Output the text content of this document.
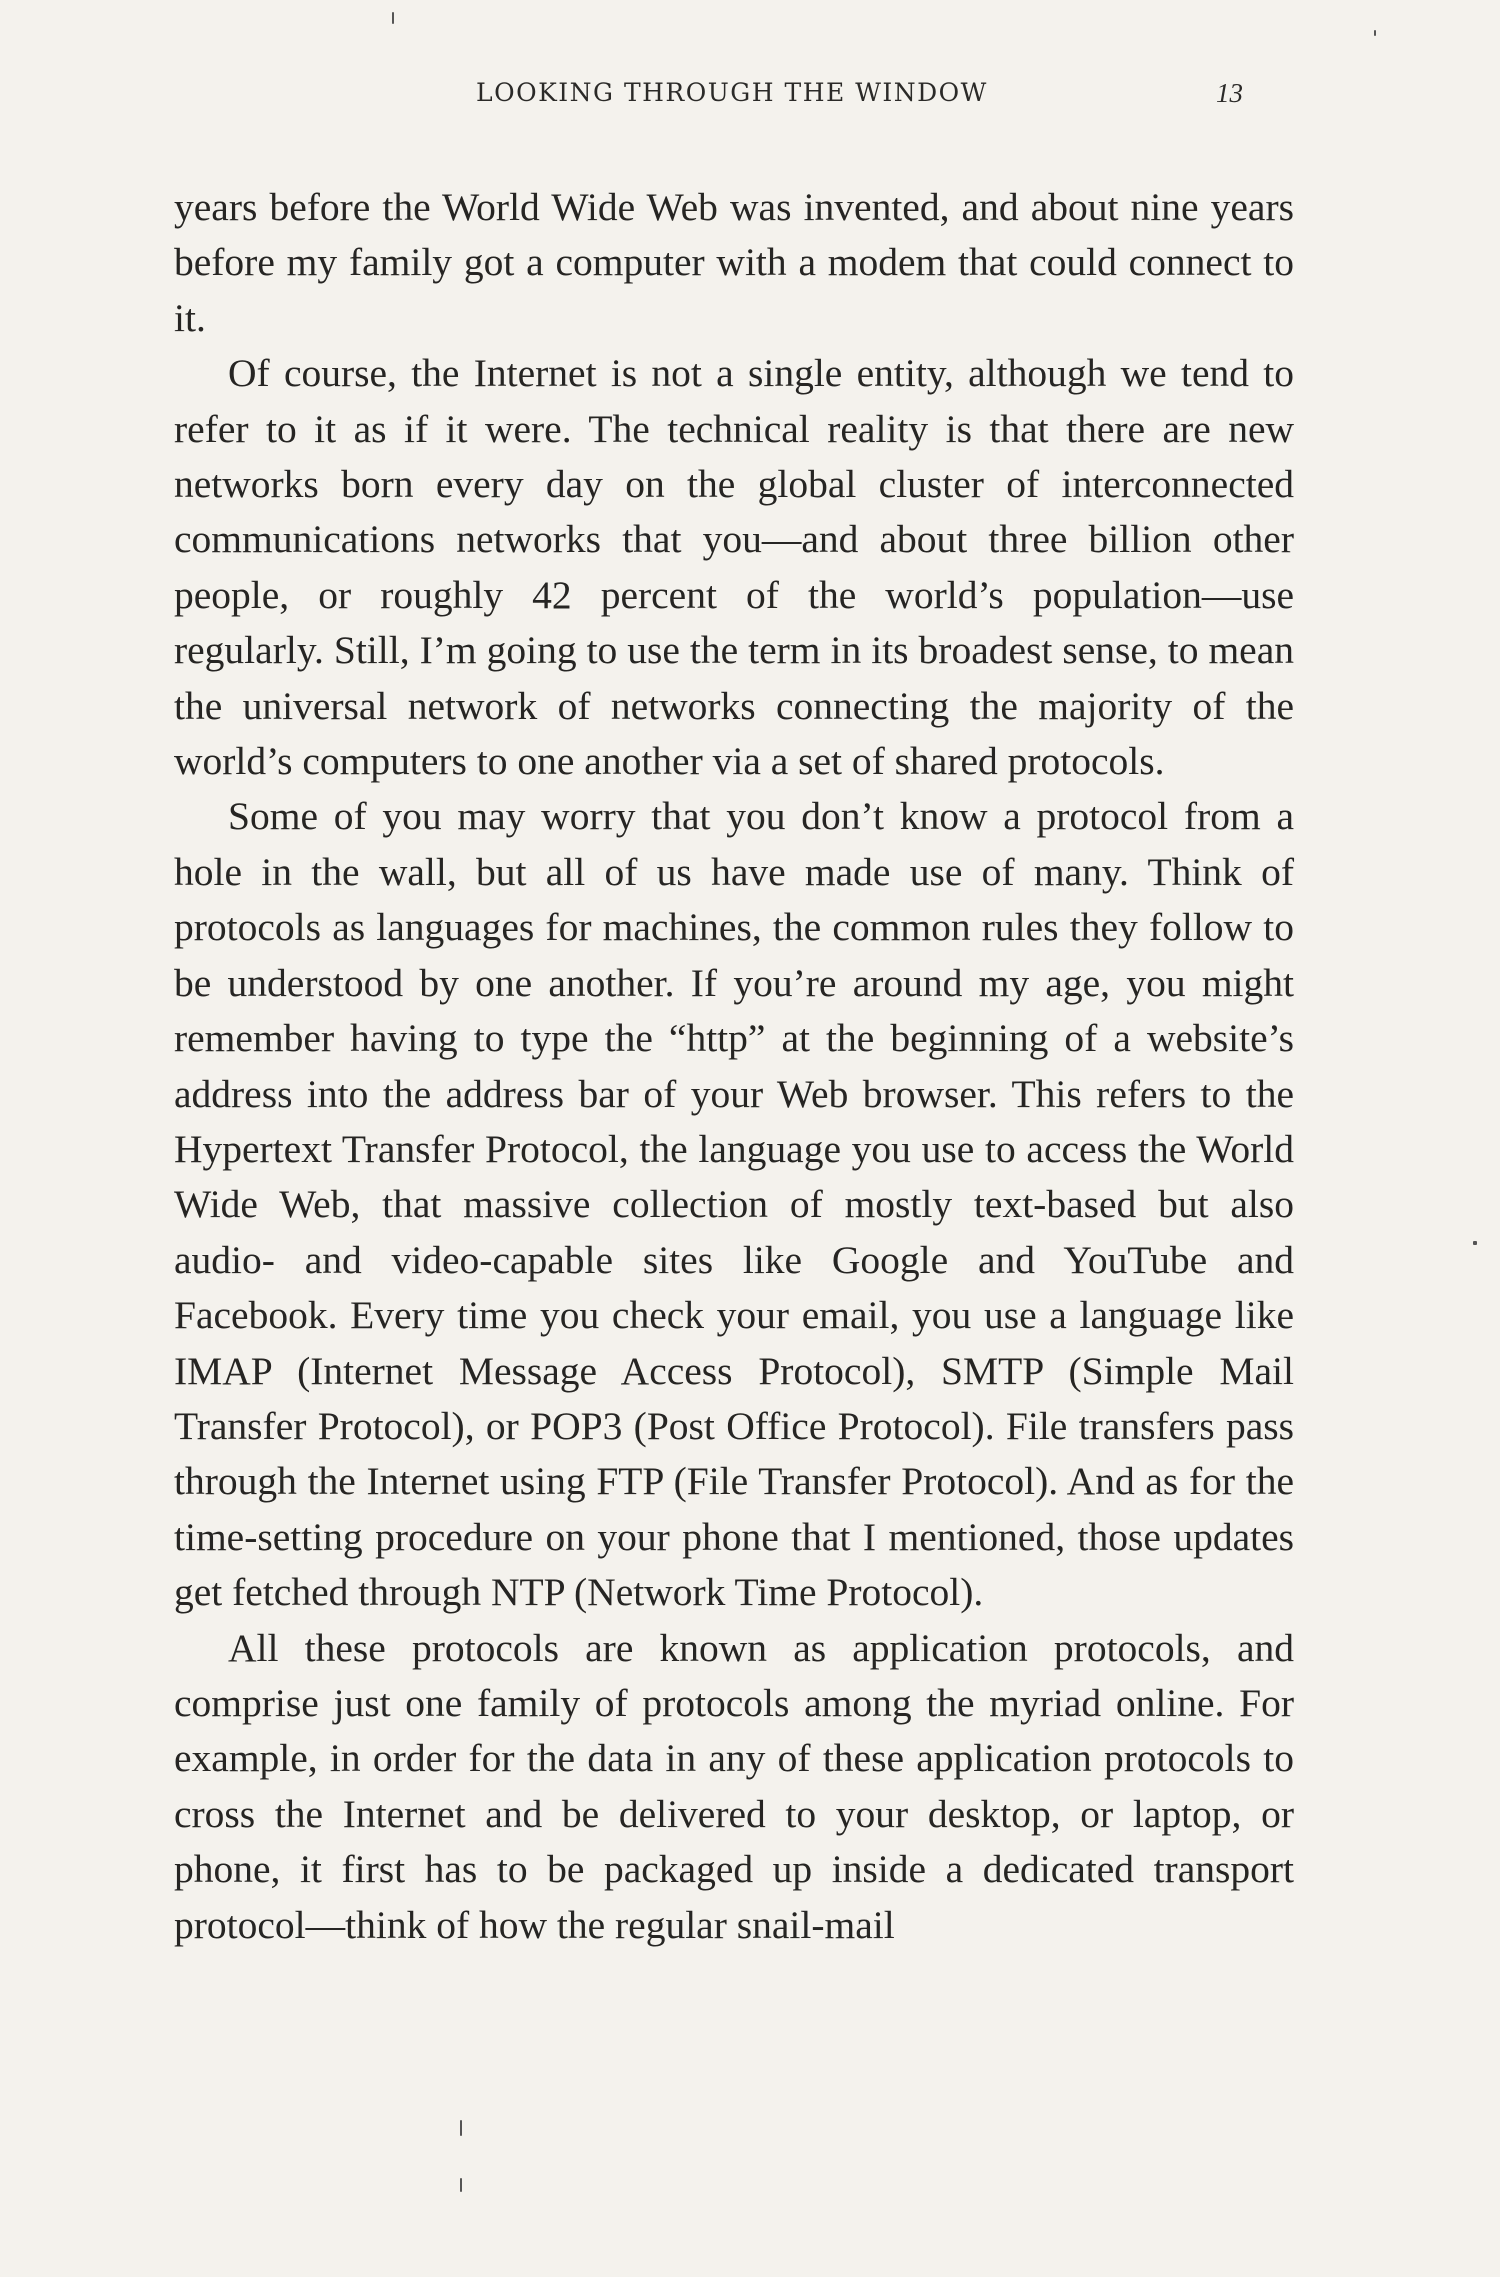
LOOKING THROUGH THE WINDOW	13

years before the World Wide Web was invented, and about nine years before my family got a computer with a modem that could connect to it.

Of course, the Internet is not a single entity, although we tend to refer to it as if it were. The technical reality is that there are new networks born every day on the global cluster of interconnected communications networks that you—and about three billion other people, or roughly 42 percent of the world’s population—use regularly. Still, I’m going to use the term in its broadest sense, to mean the universal network of networks connecting the majority of the world’s computers to one another via a set of shared protocols.

Some of you may worry that you don’t know a protocol from a hole in the wall, but all of us have made use of many. Think of protocols as languages for machines, the common rules they follow to be understood by one another. If you’re around my age, you might remember having to type the “http” at the beginning of a website’s address into the address bar of your Web browser. This refers to the Hypertext Transfer Protocol, the language you use to access the World Wide Web, that massive collection of mostly text-based but also audio- and video-capable sites like Google and YouTube and Facebook. Every time you check your email, you use a language like IMAP (Internet Message Access Protocol), SMTP (Simple Mail Transfer Protocol), or POP3 (Post Office Protocol). File transfers pass through the Internet using FTP (File Transfer Protocol). And as for the time-setting procedure on your phone that I mentioned, those updates get fetched through NTP (Network Time Protocol).

All these protocols are known as application protocols, and comprise just one family of protocols among the myriad online. For example, in order for the data in any of these application protocols to cross the Internet and be delivered to your desktop, or laptop, or phone, it first has to be packaged up inside a dedicated transport protocol—think of how the regular snail-mail
